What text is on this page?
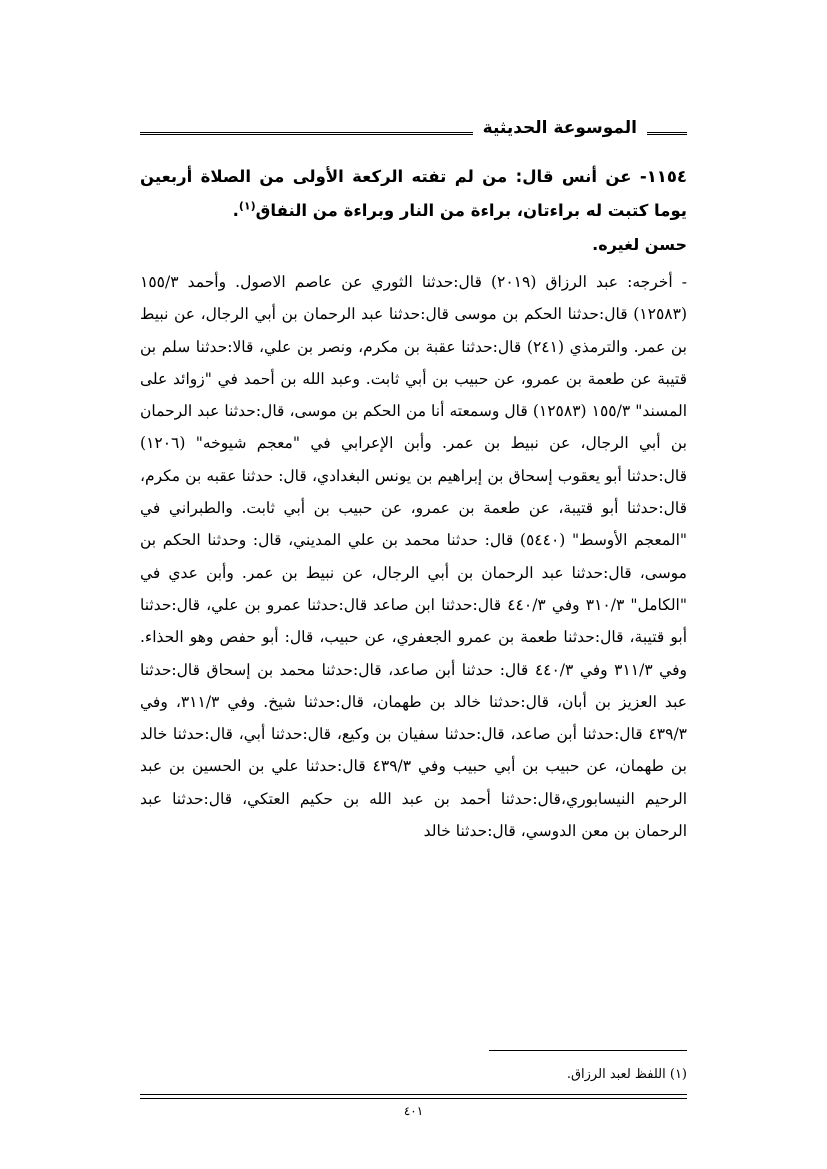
الموسوعة الحديثية

١١٥٤- عن أنس قال: من لم تفته الركعة الأولى من الصلاة أربعين يوما كتبت له براءتان، براءة من النار وبراءة من النفاق$^{(١)}$.

حسن لغيره.

- أخرجه: عبد الرزاق (٢٠١٩) قال:حدثنا الثوري عن عاصم الاصول. وأحمد ١٥٥/٣ (١٢٥٨٣) قال:حدثنا الحكم بن موسى قال:حدثنا عبد الرحمان بن أبي الرجال، عن نبيط بن عمر. والترمذي (٢٤١) قال:حدثنا عقبة بن مكرم، ونصر بن علي، قالا:حدثنا سلم بن قتيبة عن طعمة بن عمرو، عن حبيب بن أبي ثابت. وعبد الله بن أحمد في "زوائد على المسند" ١٥٥/٣ (١٢٥٨٣) قال وسمعته أنا من الحكم بن موسى، قال:حدثنا عبد الرحمان بن أبي الرجال، عن نبيط بن عمر. وأبن الإعرابي في "معجم شيوخه" (١٢٠٦) قال:حدثنا أبو يعقوب إسحاق بن إبراهيم بن يونس البغدادي، قال: حدثنا عقبه بن مكرم، قال:حدثنا أبو قتيبة، عن طعمة بن عمرو، عن حبيب بن أبي ثابت. والطبراني في "المعجم الأوسط" (٥٤٤٠) قال: حدثنا محمد بن علي المديني، قال: وحدثنا الحكم بن موسى، قال:حدثنا عبد الرحمان بن أبي الرجال، عن نبيط بن عمر. وأبن عدي في "الكامل" ٣١٠/٣ وفي ٤٤٠/٣ قال:حدثنا ابن صاعد قال:حدثنا عمرو بن علي، قال:حدثنا أبو قتيبة، قال:حدثنا طعمة بن عمرو الجعفري، عن حبيب، قال: أبو حفص وهو الحذاء. وفي ٣١١/٣ وفي ٤٤٠/٣ قال: حدثنا أبن صاعد، قال:حدثنا محمد بن إسحاق قال:حدثنا عبد العزيز بن أبان، قال:حدثنا خالد بن طهمان، قال:حدثنا شيخ. وفي ٣١١/٣، وفي ٤٣٩/٣ قال:حدثنا أبن صاعد، قال:حدثنا سفيان بن وكيع، قال:حدثنا أبي، قال:حدثنا خالد بن طهمان، عن حبيب بن أبي حبيب وفي ٤٣٩/٣ قال:حدثنا علي بن الحسين بن عبد الرحيم النيسابوري،قال:حدثنا أحمد بن عبد الله بن حكيم العتكي، قال:حدثنا عبد الرحمان بن معن الدوسي، قال:حدثنا خالد

(١) اللفظ لعبد الرزاق.
٤٠١
